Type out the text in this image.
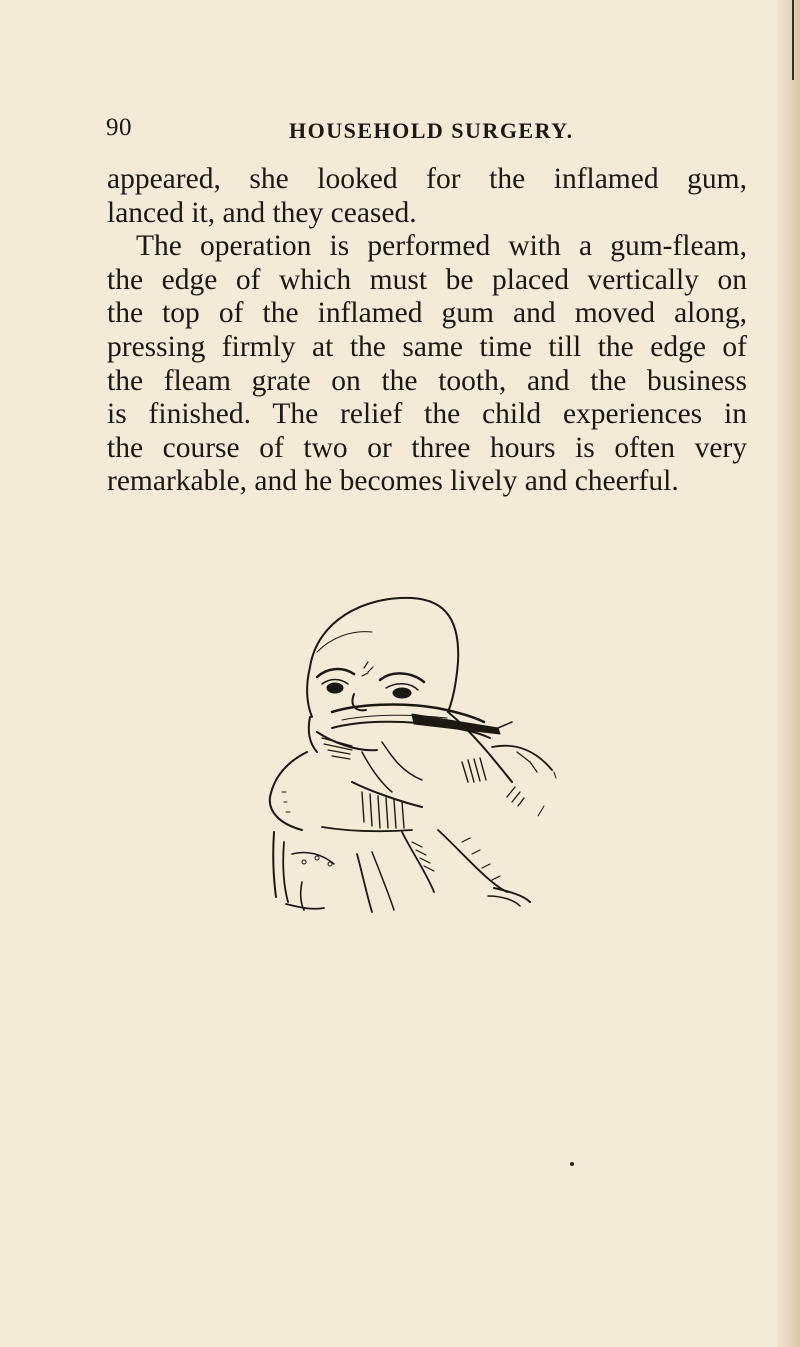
90	HOUSEHOLD SURGERY.
appeared, she looked for the inflamed gum,
lanced it, and they ceased.
The operation is performed with a gum-fleam,
the edge of which must be placed vertically on
the top of the inflamed gum and moved along,
pressing firmly at the same time till the edge of
the fleam grate on the tooth, and the business
is finished. The relief the child experiences in
the course of two or three hours is often very
remarkable, and he becomes lively and cheerful.
